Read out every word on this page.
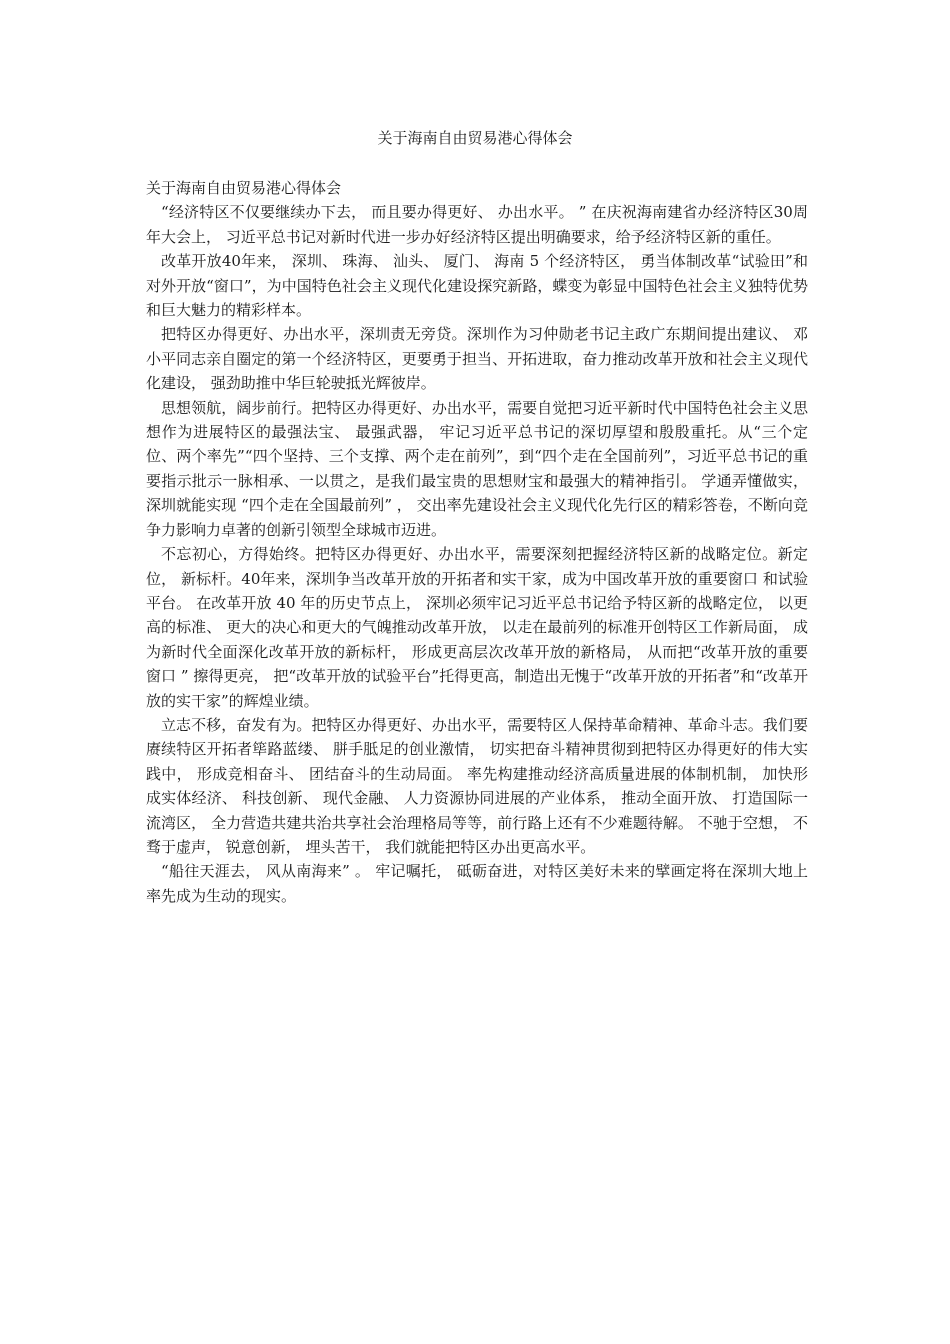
关于海南自由贸易港心得体会

关于海南自由贸易港心得体会

“经济特区不仅要继续办下去， 而且要办得更好、 办出水平。 ” 在庆祝海南建省办经济特区30周年大会上， 习近平总书记对新时代进一步办好经济特区提出明确要求，给予经济特区新的重任。

改革开放40年来， 深圳、 珠海、 汕头、 厦门、 海南 5 个经济特区， 勇当体制改革“试验田”和对外开放“窗口”，为中国特色社会主义现代化建设探究新路，蝶变为彰显中国特色社会主义独特优势和巨大魅力的精彩样本。

把特区办得更好、办出水平，深圳责无旁贷。深圳作为习仲勋老书记主政广东期间提出建议、 邓小平同志亲自圈定的第一个经济特区，更要勇于担当、开拓进取，奋力推动改革开放和社会主义现代化建设， 强劲助推中华巨轮驶抵光辉彼岸。

思想领航，阔步前行。把特区办得更好、办出水平，需要自觉把习近平新时代中国特色社会主义思想作为进展特区的最强法宝、 最强武器， 牢记习近平总书记的深切厚望和殷殷重托。从“三个定位、两个率先”“四个坚持、三个支撑、两个走在前列”，到“四个走在全国前列”，习近平总书记的重要指示批示一脉相承、一以贯之，是我们最宝贵的思想财宝和最强大的精神指引。 学通弄懂做实， 深圳就能实现 “四个走在全国最前列” ， 交出率先建设社会主义现代化先行区的精彩答卷，不断向竞争力影响力卓著的创新引领型全球城市迈进。

不忘初心，方得始终。把特区办得更好、办出水平，需要深刻把握经济特区新的战略定位。新定位， 新标杆。40年来，深圳争当改革开放的开拓者和实干家，成为中国改革开放的重要窗口 和试验平台。 在改革开放 40 年的历史节点上， 深圳必须牢记习近平总书记给予特区新的战略定位， 以更高的标准、 更大的决心和更大的气魄推动改革开放， 以走在最前列的标准开创特区工作新局面， 成为新时代全面深化改革开放的新标杆， 形成更高层次改革开放的新格局， 从而把“改革开放的重要窗口 ” 擦得更亮， 把“改革开放的试验平台”托得更高，制造出无愧于“改革开放的开拓者”和“改革开放的实干家”的辉煌业绩。

立志不移，奋发有为。把特区办得更好、办出水平，需要特区人保持革命精神、革命斗志。我们要赓续特区开拓者筚路蓝缕、 胼手胝足的创业激情， 切实把奋斗精神贯彻到把特区办得更好的伟大实践中， 形成竞相奋斗、 团结奋斗的生动局面。 率先构建推动经济高质量进展的体制机制， 加快形成实体经济、 科技创新、 现代金融、 人力资源协同进展的产业体系， 推动全面开放、 打造国际一流湾区， 全力营造共建共治共享社会治理格局等等，前行路上还有不少难题待解。 不驰于空想， 不骛于虚声， 锐意创新， 埋头苦干， 我们就能把特区办出更高水平。

“船往天涯去， 风从南海来” 。 牢记嘱托， 砥砺奋进，对特区美好未来的擘画定将在深圳大地上率先成为生动的现实。
